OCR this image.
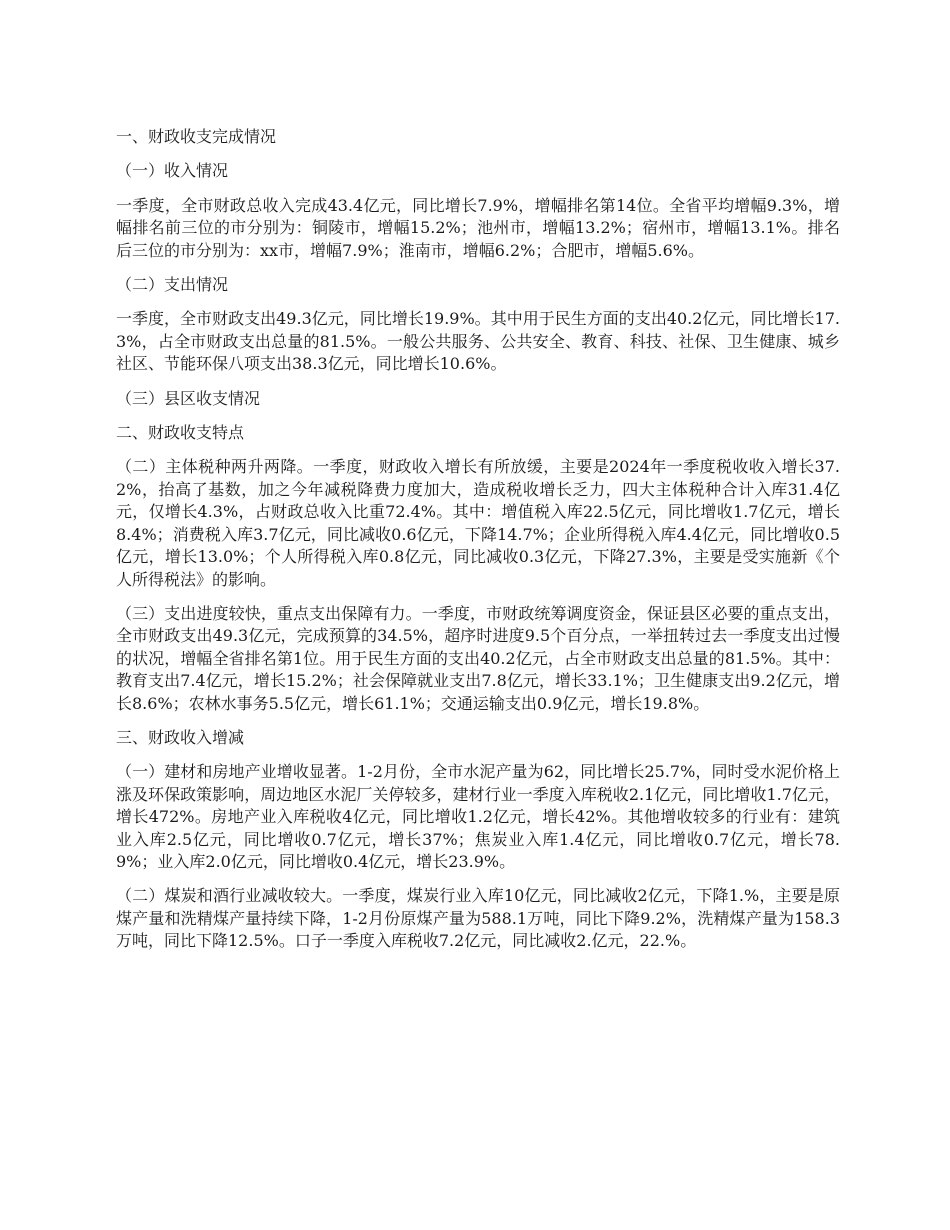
一、财政收支完成情况
（一）收入情况
一季度，全市财政总收入完成43.4亿元，同比增长7.9%，增幅排名第14位。全省平均增幅9.3%，增幅排名前三位的市分别为：铜陵市，增幅15.2%；池州市，增幅13.2%；宿州市，增幅13.1%。排名后三位的市分别为：xx市，增幅7.9%；淮南市，增幅6.2%；合肥市，增幅5.6%。
（二）支出情况
一季度，全市财政支出49.3亿元，同比增长19.9%。其中用于民生方面的支出40.2亿元，同比增长17.3%，占全市财政支出总量的81.5%。一般公共服务、公共安全、教育、科技、社保、卫生健康、城乡社区、节能环保八项支出38.3亿元，同比增长10.6%。
（三）县区收支情况
二、财政收支特点
（二）主体税种两升两降。一季度，财政收入增长有所放缓，主要是2024年一季度税收收入增长37.2%，抬高了基数，加之今年减税降费力度加大，造成税收增长乏力，四大主体税种合计入库31.4亿元，仅增长4.3%，占财政总收入比重72.4%。其中：增值税入库22.5亿元，同比增收1.7亿元，增长8.4%；消费税入库3.7亿元，同比减收0.6亿元，下降14.7%；企业所得税入库4.4亿元，同比增收0.5亿元，增长13.0%；个人所得税入库0.8亿元，同比减收0.3亿元，下降27.3%，主要是受实施新《个人所得税法》的影响。
（三）支出进度较快，重点支出保障有力。一季度，市财政统筹调度资金，保证县区必要的重点支出，全市财政支出49.3亿元，完成预算的34.5%，超序时进度9.5个百分点，一举扭转过去一季度支出过慢的状况，增幅全省排名第1位。用于民生方面的支出40.2亿元，占全市财政支出总量的81.5%。其中：教育支出7.4亿元，增长15.2%；社会保障就业支出7.8亿元，增长33.1%；卫生健康支出9.2亿元，增长8.6%；农林水事务5.5亿元，增长61.1%；交通运输支出0.9亿元，增长19.8%。
三、财政收入增减
（一）建材和房地产业增收显著。1-2月份，全市水泥产量为62，同比增长25.7%，同时受水泥价格上涨及环保政策影响，周边地区水泥厂关停较多，建材行业一季度入库税收2.1亿元，同比增收1.7亿元，增长472%。房地产业入库税收4亿元，同比增收1.2亿元，增长42%。其他增收较多的行业有：建筑业入库2.5亿元，同比增收0.7亿元，增长37%；焦炭业入库1.4亿元，同比增收0.7亿元，增长78.9%；业入库2.0亿元，同比增收0.4亿元，增长23.9%。
（二）煤炭和酒行业减收较大。一季度，煤炭行业入库10亿元，同比减收2亿元，下降1.%，主要是原煤产量和洗精煤产量持续下降，1-2月份原煤产量为588.1万吨，同比下降9.2%，洗精煤产量为158.3万吨，同比下降12.5%。口子一季度入库税收7.2亿元，同比减收2.亿元，22.%。
